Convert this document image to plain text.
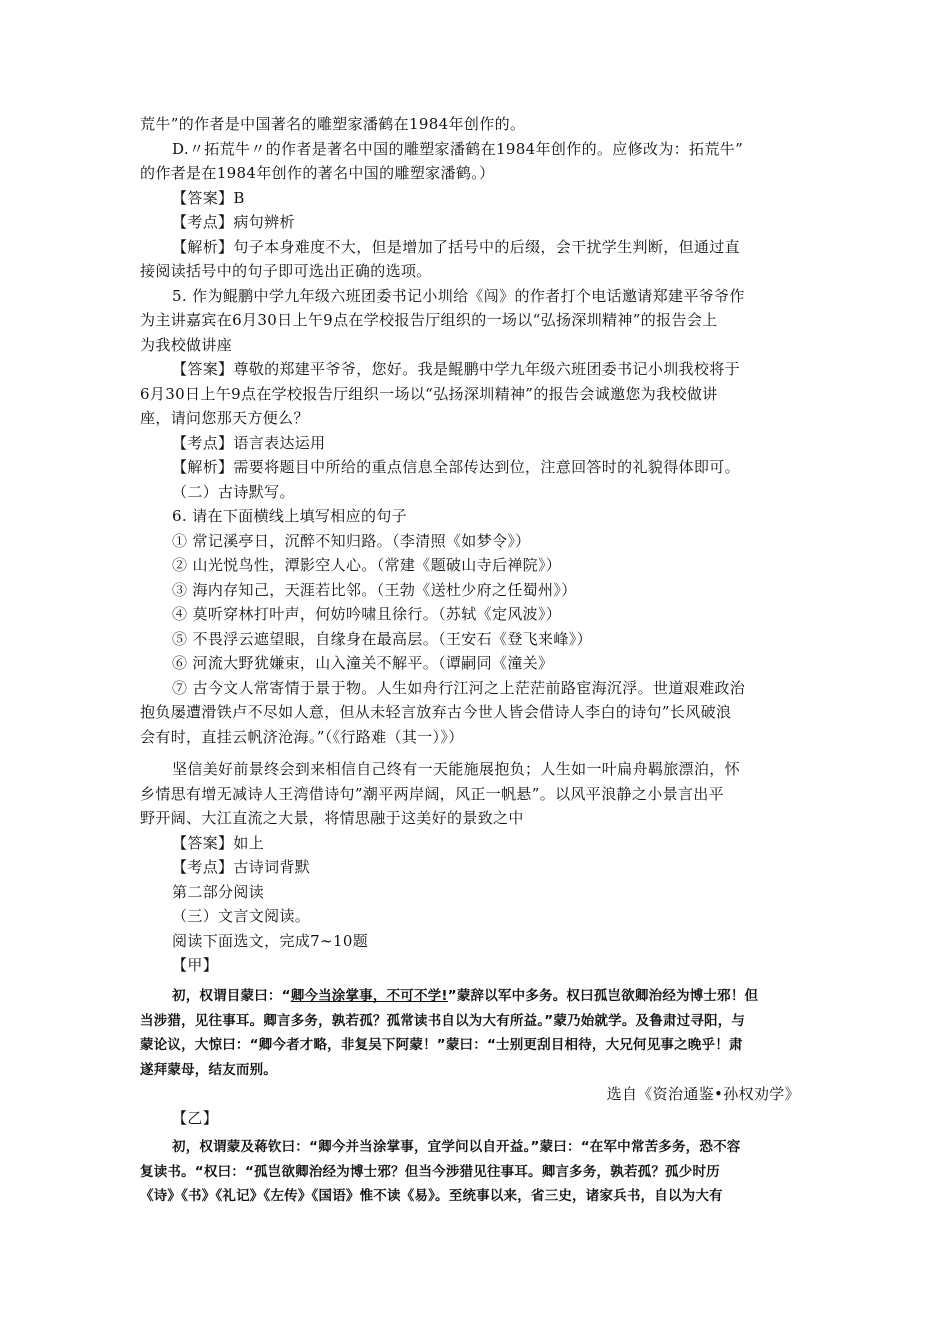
荒牛”的作者是中国著名的雕塑家潘鹤在1984年创作的。
D.〃拓荒牛〃的作者是著名中国的雕塑家潘鹤在1984年创作的。应修改为：拓荒牛”
的作者是在1984年创作的著名中国的雕塑家潘鹤。）
【答案】B
【考点】病句辨析
【解析】句子本身难度不大，但是增加了括号中的后缀，会干扰学生判断，但通过直
接阅读括号中的句子即可选出正确的选项。
5. 作为鲲鹏中学九年级六班团委书记小圳给《闯》的作者打个电话邀请郑建平爷爷作
为主讲嘉宾在6月30日上午9点在学校报告厅组织的一场以“弘扬深圳精神”的报告会上
为我校做讲座
【答案】尊敬的郑建平爷爷，您好。我是鲲鹏中学九年级六班团委书记小圳我校将于
6月30日上午9点在学校报告厅组织一场以“弘扬深圳精神”的报告会诚邀您为我校做讲
座，请问您那天方便么？
【考点】语言表达运用
【解析】需要将题目中所给的重点信息全部传达到位，注意回答时的礼貌得体即可。
（二）古诗默写。
6. 请在下面横线上填写相应的句子
① 常记溪亭日，沉醉不知归路。（李清照《如梦令》）
② 山光悦鸟性，潭影空人心。（常建《题破山寺后禅院》）
③ 海内存知己，天涯若比邻。（王勃《送杜少府之任蜀州》）
④ 莫听穿林打叶声，何妨吟啸且徐行。（苏轼《定风波》）
⑤ 不畏浮云遮望眼，自缘身在最高层。（王安石《登飞来峰》）
⑥ 河流大野犹嫌束，山入潼关不解平。（谭嗣同《潼关》
⑦ 古今文人常寄情于景于物。人生如舟行江河之上茫茫前路宦海沉浮。世道艰难政治
抱负屡遭滑铁卢不尽如人意，但从未轻言放弃古今世人皆会借诗人李白的诗句”长风破浪
会有时，直挂云帆济沧海。”（《行路难（其一）》）
坚信美好前景终会到来相信自己终有一天能施展抱负；人生如一叶扁舟羁旅漂泊，怀
乡情思有增无减诗人王湾借诗句”潮平两岸阔，风正一帆悬”。以风平浪静之小景言出平
野开阔、大江直流之大景，将情思融于这美好的景致之中
【答案】如上
【考点】古诗词背默
第二部分阅读
（三）文言文阅读。
阅读下面选文，完成7~10题
【甲】
初，权谓目蒙曰：“卿今当涂掌事，不可不学!”蒙辞以军中多务。权曰孤岂欲卿治经为博士邪！但
当涉猎，见往事耳。卿言多务，孰若孤？孤常读书自以为大有所益。”蒙乃始就学。及鲁肃过寻阳，与
蒙论议，大惊曰：“卿今者才略，非复吴下阿蒙！”蒙曰：“士别更刮目相待，大兄何见事之晚乎！肃
遂拜蒙母，结友而别。
选自《资治通鉴•孙权劝学》
【乙】
初，权谓蒙及蒋钦曰：“卿今并当涂掌事，宜学问以自开益。”蒙曰：“在军中常苦多务，恐不容
复读书。“权曰：“孤岂欲卿治经为博士邪？但当今涉猎见往事耳。卿言多务，孰若孤？孤少时历
《诗》《书》《礼记》《左传》《国语》惟不读《易》。至统事以来，省三史，诸家兵书，自以为大有
